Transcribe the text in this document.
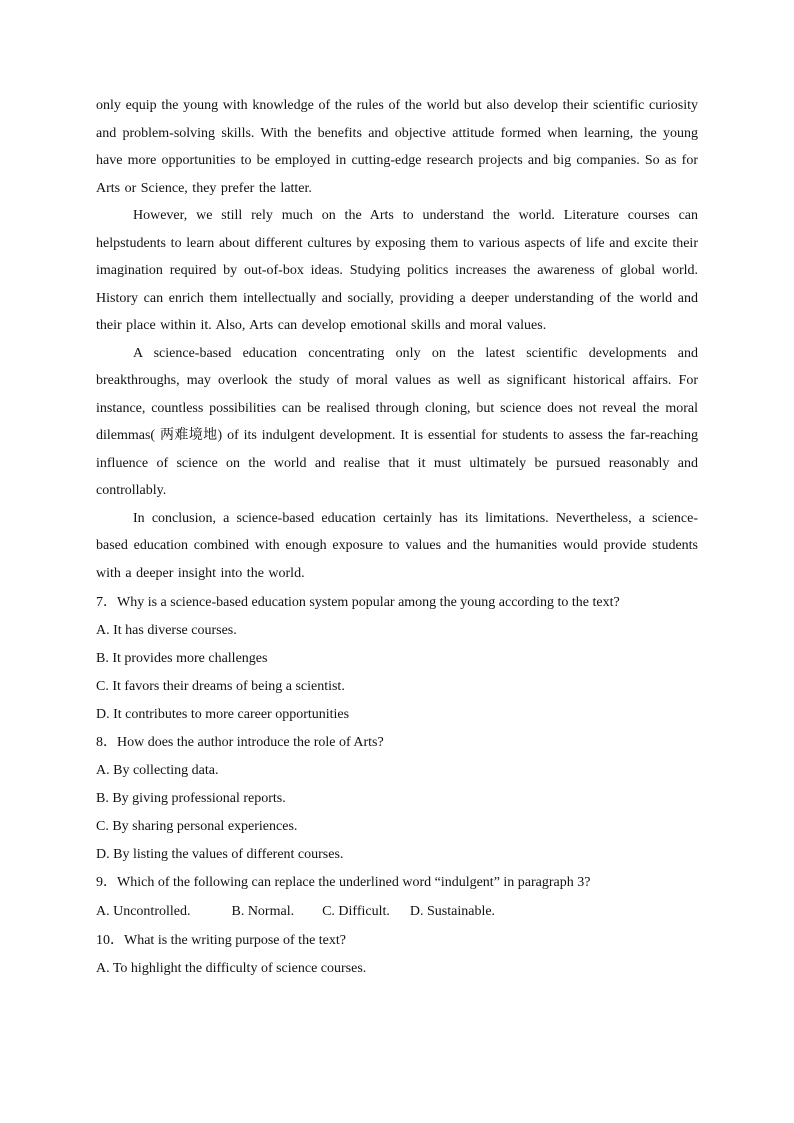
only equip the young with knowledge of the rules of the world but also develop their scientific curiosity and problem-solving skills. With the benefits and objective attitude formed when learning, the young have more opportunities to be employed in cutting-edge research projects and big companies. So as for Arts or Science, they prefer the latter.

However, we still rely much on the Arts to understand the world. Literature courses can helpstudents to learn about different cultures by exposing them to various aspects of life and excite their imagination required by out-of-box ideas. Studying politics increases the awareness of global world. History can enrich them intellectually and socially, providing a deeper understanding of the world and their place within it. Also, Arts can develop emotional skills and moral values.

A science-based education concentrating only on the latest scientific developments and breakthroughs, may overlook the study of moral values as well as significant historical affairs. For instance, countless possibilities can be realised through cloning, but science does not reveal the moral dilemmas( 两难境地) of its indulgent development. It is essential for students to assess the far-reaching influence of science on the world and realise that it must ultimately be pursued reasonably and controllably.

In conclusion, a science-based education certainly has its limitations. Nevertheless, a science- based education combined with enough exposure to values and the humanities would provide students with a deeper insight into the world.

7．Why is a science-based education system popular among the young according to the text?

A. It has diverse courses.

B. It provides more challenges

C. It favors their dreams of being a scientist.

D. It contributes to more career opportunities

8．How does the author introduce the role of Arts?

A. By collecting data.

B. By giving professional reports.

C. By sharing personal experiences.

D. By listing the values of different courses.

9．Which of the following can replace the underlined word “indulgent” in paragraph 3?

A. Uncontrolled.	B. Normal. C. Difficult. D. Sustainable.

10．What is the writing purpose of the text?

A. To highlight the difficulty of science courses.
